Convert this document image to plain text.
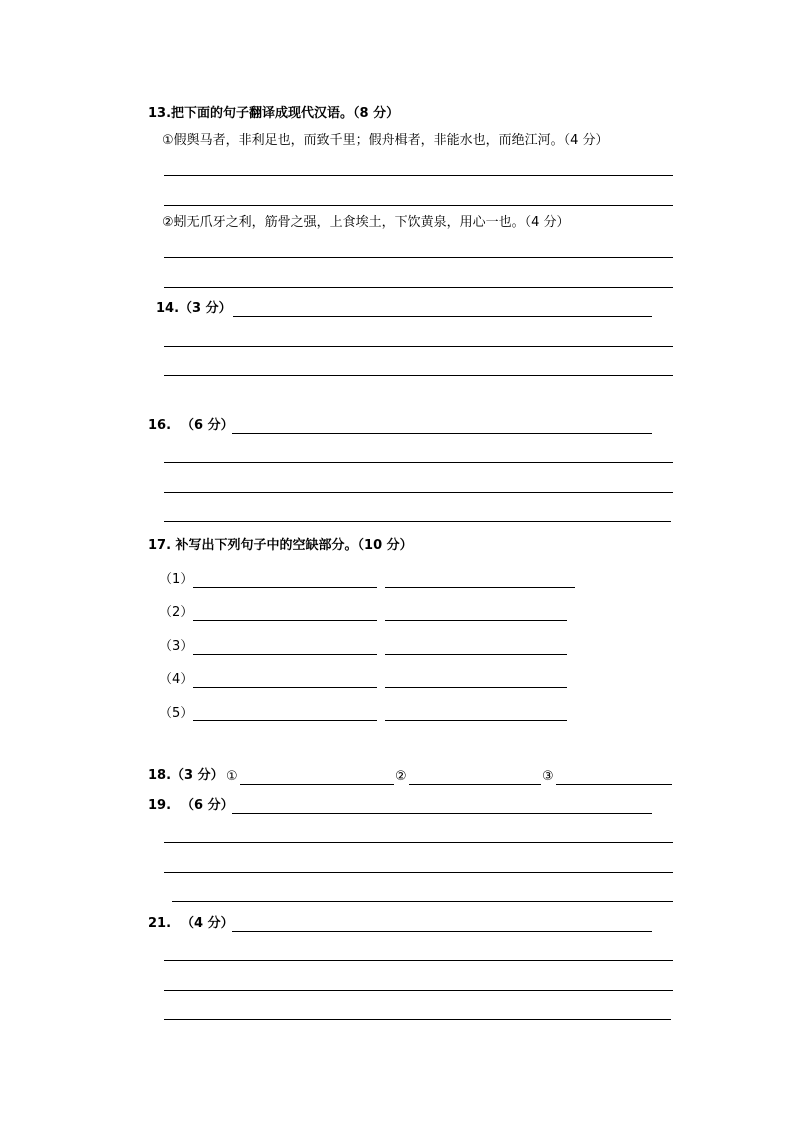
13.把下面的句子翻译成现代汉语。（8 分）
①假舆马者，非利足也，而致千里；假舟楫者，非能水也，而绝江河。（4 分）
②蚓无爪牙之利，筋骨之强，上食埃土，下饮黄泉，用心一也。（4 分）
14.（3 分）
16. （6 分）
17. 补写出下列句子中的空缺部分。（10 分）
（1）
（2）
（3）
（4）
（5）
18.（3 分） ①	②	③
19. （6 分）
21. （4 分）
